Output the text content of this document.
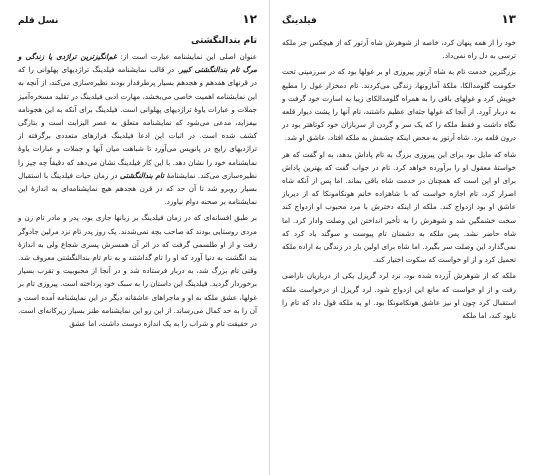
١٢
نسل قلم
تام بندالنگشتی

عنوان اصلی این نمایشنامه عبارت است از: غم‌انگیزترین تراژدی‌ یا زندگی و مرگ تام بندالنگشتی کبیر. در قالب نمایشنامه فیلدینگ تراژدیهای پهلوانی را که در قرنهای هفدهم و هجدهم بسیار پرطرفدار بودند نظیره‌سازی می‌کند، از آنچه به این نمایشنامه اهمیت خاصی می‌بخشد، مهارت ادبی فیلدینگ در تقلید مسخره‌آمیز جملات و عبارات یاوهٔ تراژدیهای پهلوانی است. فیلدینگ برای آنکه به این هجونامه بیفزاید، مدعی می‌شود که نمایشنامه متعلق به عصر الیزابت است و بتازگی کشف شده است. در اثبات این ادعا فیلدینگ فرازهای متعددی برگرفته از تراژدیهای رایج در پانویس می‌آورد تا شباهت میان آنها و جملات و عبارات یاوهٔ نمایشنامه خود را نشان دهد. با این کار فیلدینگ نشان می‌دهد که دقیقاً چه چیز را نظیره‌سازی می‌کند. نمایشنامهٔ تام بندالنگشتی در زمان حیات فیلدینگ با استقبال بسیار روبرو شد تا آن حد که در قرن هجدهم هیچ نمایشنامه‌ای به اندازهٔ این نمایشنامه بر صحنه دوام نیاورد.

بر طبق افسانه‌ای که در زمان فیلدینگ بر زبانها جاری بود، پدر و مادر تام زن و مردی روستایی بودند که صاحب بچه نمی‌شدند. یک روز پدر تام نزد مرلین جادوگر رفت و از او طلسمی گرفت که در اثر آن همسرش پسری شجاع ولی به اندازهٔ بند انگشت به دنیا آورد که او را تام گذاشتند و به نام تام بندالنگشتی معروف شد. وقتی تام بزرگ شد، به دربار فرستاده شد و در آنجا از محبوبیت و تقرب بسیار برخوردار گردید. فیلدینگ این داستان را به سبک خود پرداخته است. پیروزی تام بر غولها، عشق ملکه به او و ماجراهای عاشقانه دیگر در این نمایشنامه آمده است و آن را به حد کمال می‌رساند. از این رو این نمایشنامه طنز بسیار زیرکانه‌ای است. در حقیقت تام و شراب را به یک اندازه دوست داشت، اما عشق

١٣
فیلدینگ

خود را از همه پنهان کرد، خاصه از شوهرش شاه آرتور که از هیچکس جز ملکه ترسی به دل راه نمی‌داد.

بزرگترین خدمت تام به شاه آرتور پیروزی او بر غولها بود که در سرزمینی تحت حکومت گلومدالکا، ملکهٔ آمازونها، زندگی می‌کردند. تام دمخزار غول را مطیع خویش کرد و غولهای باقی را به همراه گلومدالکای زیبا به اسارت خود گرفت و به دربار آورد. از آنجا که غولها جثه‌ای عظیم داشتند، تام آنها را پشت دیوار قلعه نگاه داشت و فقط ملکه را که یک سر و گردن از سربازان خود کوتاهتر بود در درون قلعه برد. شاه آرتور به محض اینکه چشمش به ملکه افتاد، عاشق او شد.

شاه که مایل بود برای این پیروزی بزرگ به تام پاداش بدهد، به او گفت که هر خواستهٔ معقول او را برآورده خواهد کرد. تام در جواب گفت که بهترین پاداش برای او این است که همچنان در خدمت شاه باقی بماند. اما پس از آنکه شاه اصرار کرد، تام اجازه خواست که با شاهزاده خانم هونکامونکا که از دیرباز عاشق او بود ازدواج کند. ملکه از اینکه دخترش با مرد محبوب او ازدواج کند سخت خشمگین شد و شوهرش را به تأخیر انداختن این وصلت وادار کرد. اما شاه حاضر نشد. پس ملکه به دشمنان تام پیوست و سوگند یاد کرد که نمی‌گذارد این وصلت سر بگیرد. اما شاه برای اولین بار در زندگی به اراده ملکه تحمیل کرد و از او خواست که سکوت اختیار کند.

ملکه که از شوهرش آزرده شده بود، نزد لرد گریزل یکی از درباریان ناراضی رفت و از او خواست که مانع این ازدواج شود. لرد گریزل از درخواست ملکه استقبال کرد چون او نیز عاشق هونکامونکا بود. او به ملکه قول داد که تام را نابود کند، اما ملکه
